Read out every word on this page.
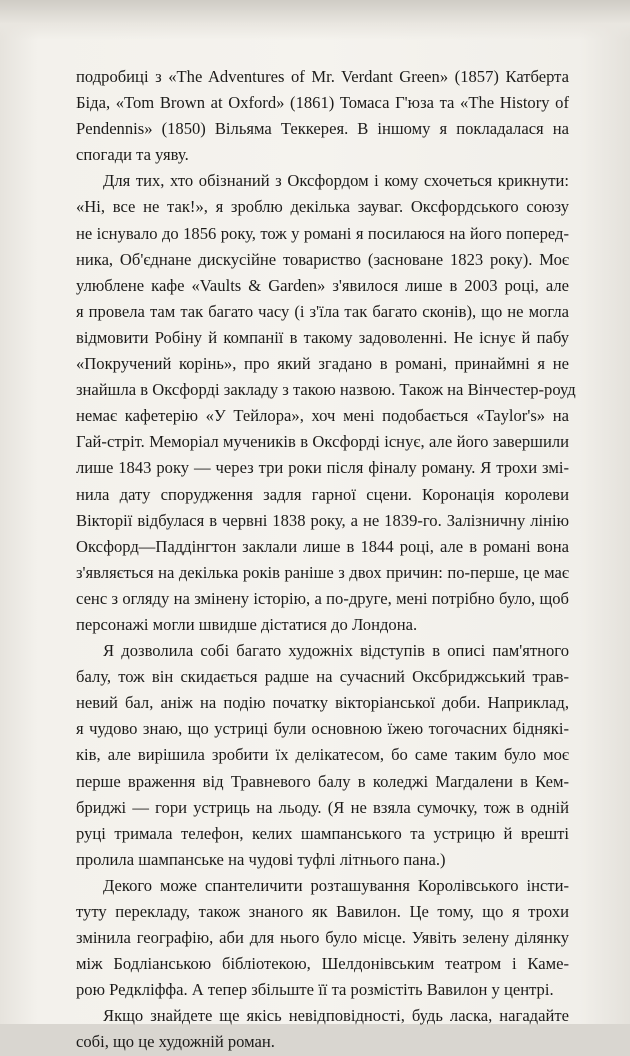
подробиці з «The Adventures of Mr. Verdant Green» (1857) Катберта
Біда, «Tom Brown at Oxford» (1861) Томаса Г'юза та «The History of
Pendennis» (1850) Вільяма Теккерея. В іншому я покладалася на
спогади та уяву.

Для тих, хто обізнаний з Оксфордом і кому схочеться крикнути:
«Ні, все не так!», я зроблю декілька зауваг. Оксфордського союзу
не існувало до 1856 року, тож у романі я посилаюся на його поперед-
ника, Об'єднане дискусійне товариство (засноване 1823 року). Моє
улюблене кафе «Vaults & Garden» з'явилося лише в 2003 році, але
я провела там так багато часу (і з'їла так багато сконів), що не могла
відмовити Робіну й компанії в такому задоволенні. Не існує й пабу
«Покручений корінь», про який згадано в романі, принаймні я не
знайшла в Оксфорді закладу з такою назвою. Також на Вінчестер-роуд
немає кафетерію «У Тейлора», хоч мені подобається «Taylor's» на
Гай-стріт. Меморіал мучеників в Оксфорді існує, але його завершили
лише 1843 року — через три роки після фіналу роману. Я трохи змі-
нила дату спорудження задля гарної сцени. Коронація королеви
Вікторії відбулася в червні 1838 року, а не 1839-го. Залізничну лінію
Оксфорд—Паддінгтон заклали лише в 1844 році, але в романі вона
з'являється на декілька років раніше з двох причин: по-перше, це має
сенс з огляду на змінену історію, а по-друге, мені потрібно було, щоб
персонажі могли швидше дістатися до Лондона.

Я дозволила собі багато художніх відступів в описі пам'ятного
балу, тож він скидається радше на сучасний Оксбриджський трав-
невий бал, аніж на подію початку вікторіанської доби. Наприклад,
я чудово знаю, що устриці були основною їжею тогочасних біднякі-
ків, але вирішила зробити їх делікатесом, бо саме таким було моє
перше враження від Травневого балу в коледжі Магдалени в Кем-
бриджі — гори устриць на льоду. (Я не взяла сумочку, тож в одній
руці тримала телефон, келих шампанського та устрицю й врешті
пролила шампанське на чудові туфлі літнього пана.)

Декого може спантеличити розташування Королівського інсти-
туту перекладу, також знаного як Вавилон. Це тому, що я трохи
змінила географію, аби для нього було місце. Уявіть зелену ділянку
між Бодліанською бібліотекою, Шелдонівським театром і Камe-
рою Редкліффа. А тепер збільште її та розмістіть Вавилон у центрі.

Якщо знайдете ще якісь невідповідності, будь ласка, нагадайте
собі, що це художній роман.
